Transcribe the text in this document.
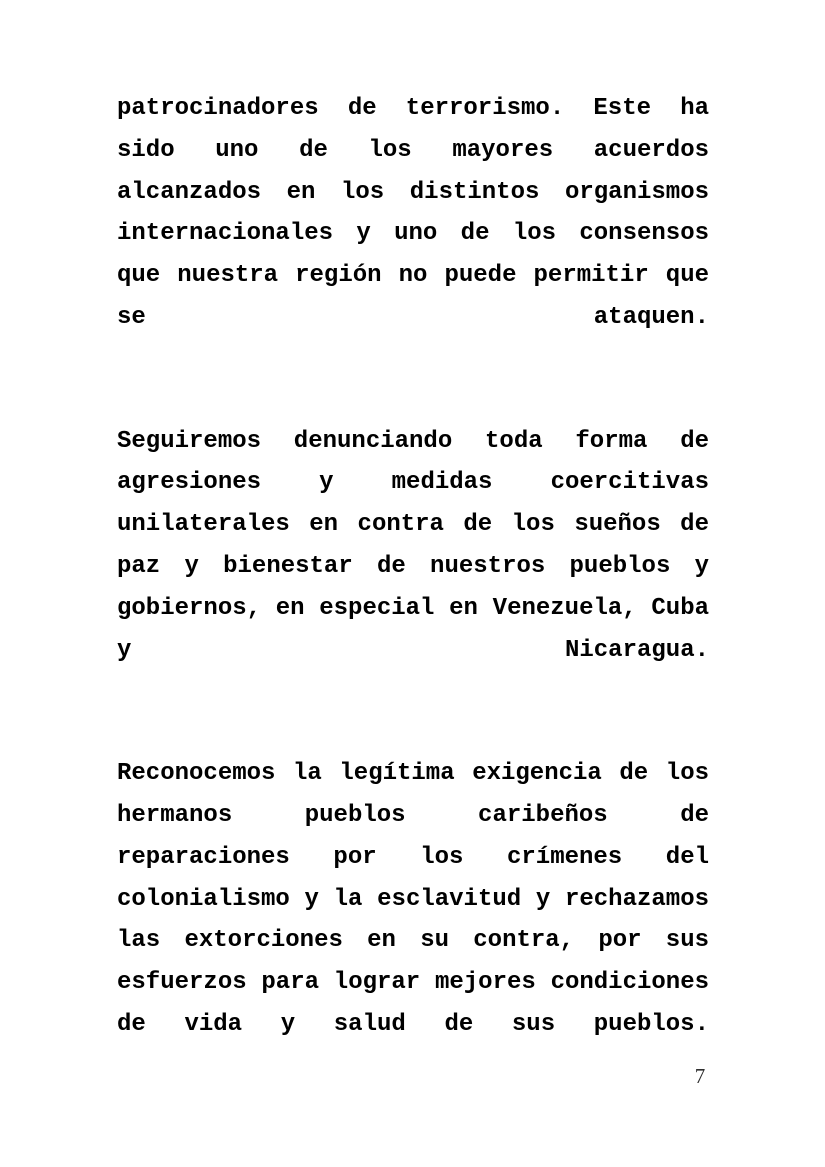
patrocinadores de terrorismo. Este ha sido uno de los mayores acuerdos alcanzados en los distintos organismos internacionales y uno de los consensos que nuestra región no puede permitir que se ataquen.

Seguiremos denunciando toda forma de agresiones y medidas coercitivas unilaterales en contra de los sueños de paz y bienestar de nuestros pueblos y gobiernos, en especial en Venezuela, Cuba y Nicaragua.

Reconocemos la legítima exigencia de los hermanos pueblos caribeños de reparaciones por los crímenes del colonialismo y la esclavitud y rechazamos las extorciones en su contra, por sus esfuerzos para lograr mejores condiciones de vida y salud de sus pueblos.

7
